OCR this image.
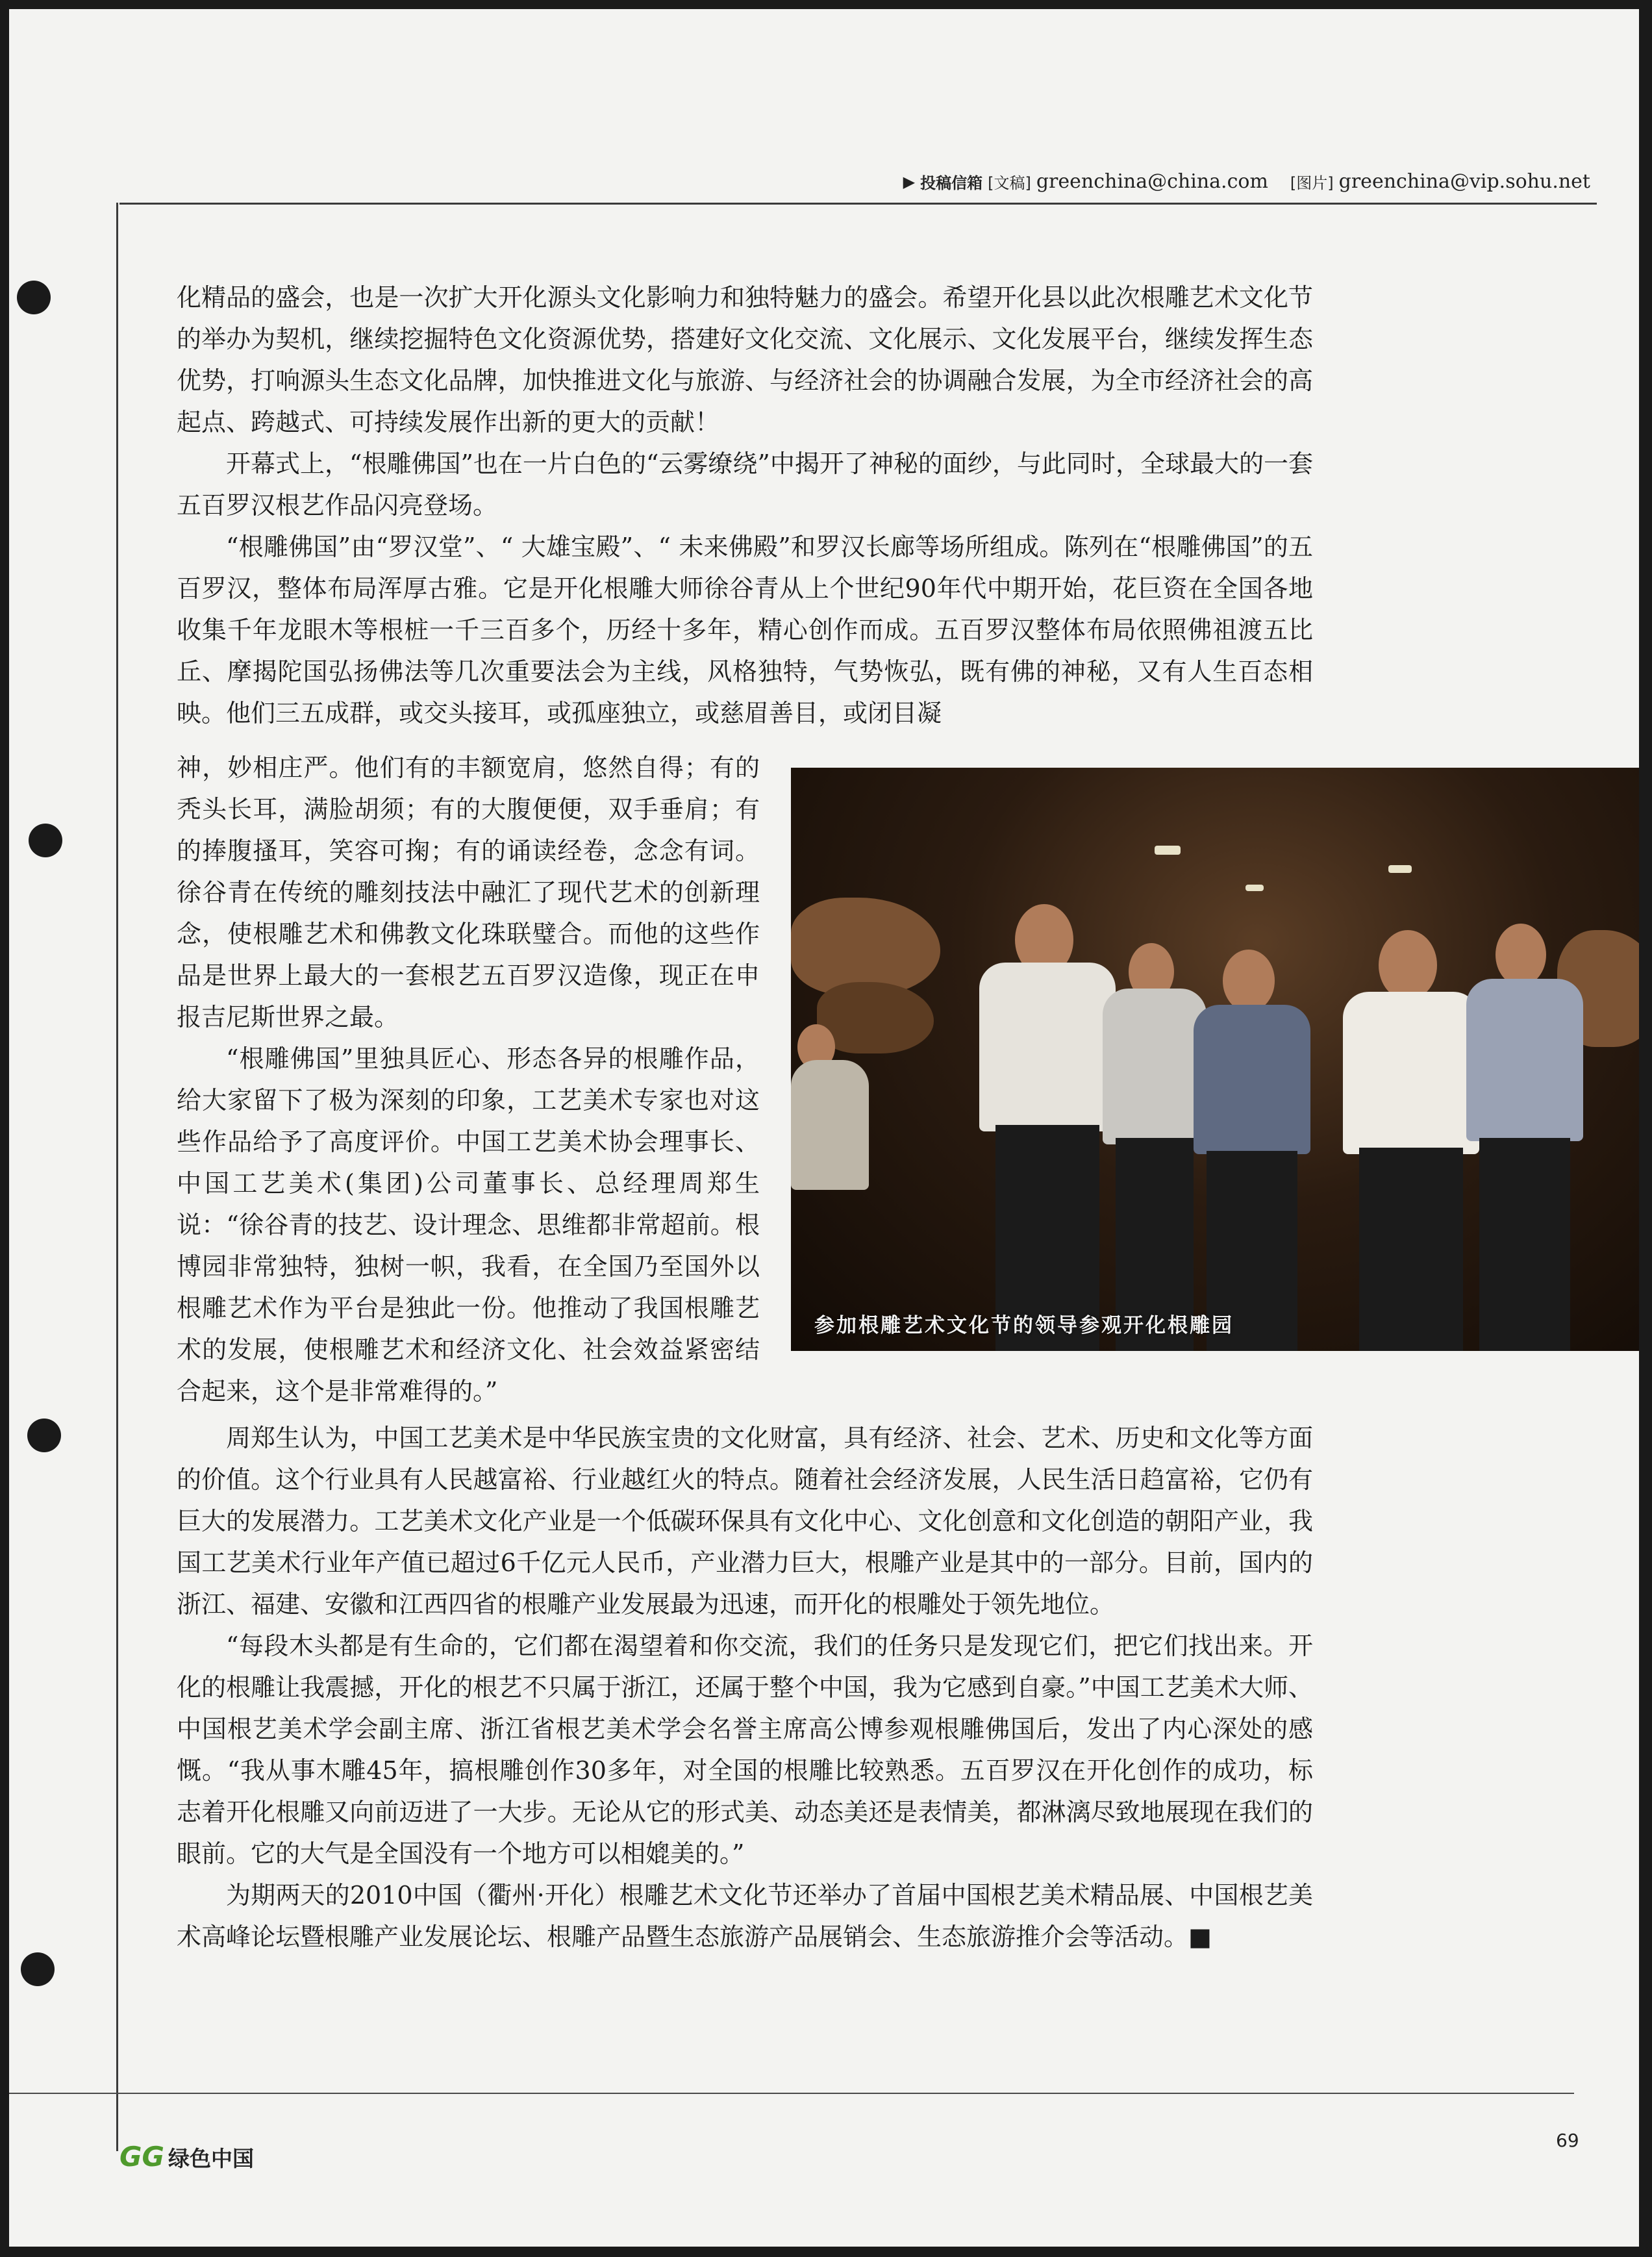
▶ 投稿信箱 [文稿] greenchina@china.com [图片] greenchina@vip.sohu.net

化精品的盛会，也是一次扩大开化源头文化影响力和独特魅力的盛会。希望开化县以此次根雕艺术文化节的举办为契机，继续挖掘特色文化资源优势，搭建好文化交流、文化展示、文化发展平台，继续发挥生态优势，打响源头生态文化品牌，加快推进文化与旅游、与经济社会的协调融合发展，为全市经济社会的高起点、跨越式、可持续发展作出新的更大的贡献！

开幕式上，“根雕佛国”也在一片白色的“云雾缭绕”中揭开了神秘的面纱，与此同时，全球最大的一套五百罗汉根艺作品闪亮登场。

“根雕佛国”由“罗汉堂”、“ 大雄宝殿”、“ 未来佛殿”和罗汉长廊等场所组成。陈列在“根雕佛国”的五百罗汉，整体布局浑厚古雅。它是开化根雕大师徐谷青从上个世纪90年代中期开始，花巨资在全国各地收集千年龙眼木等根桩一千三百多个，历经十多年，精心创作而成。五百罗汉整体布局依照佛祖渡五比丘、摩揭陀国弘扬佛法等几次重要法会为主线，风格独特，气势恢弘，既有佛的神秘，又有人生百态相映。他们三五成群，或交头接耳，或孤座独立，或慈眉善目，或闭目凝

神，妙相庄严。他们有的丰额宽肩，悠然自得；有的秃头长耳，满脸胡须；有的大腹便便，双手垂肩；有的捧腹搔耳，笑容可掬；有的诵读经卷，念念有词。徐谷青在传统的雕刻技法中融汇了现代艺术的创新理念，使根雕艺术和佛教文化珠联璧合。而他的这些作品是世界上最大的一套根艺五百罗汉造像，现正在申报吉尼斯世界之最。

“根雕佛国”里独具匠心、形态各异的根雕作品，给大家留下了极为深刻的印象，工艺美术专家也对这些作品给予了高度评价。中国工艺美术协会理事长、中国工艺美术(集团)公司董事长、总经理周郑生说：“徐谷青的技艺、设计理念、思维都非常超前。根博园非常独特，独树一帜，我看，在全国乃至国外以根雕艺术作为平台是独此一份。他推动了我国根雕艺术的发展，使根雕艺术和经济文化、社会效益紧密结合起来，这个是非常难得的。”

参加根雕艺术文化节的领导参观开化根雕园

周郑生认为，中国工艺美术是中华民族宝贵的文化财富，具有经济、社会、艺术、历史和文化等方面的价值。这个行业具有人民越富裕、行业越红火的特点。随着社会经济发展，人民生活日趋富裕，它仍有巨大的发展潜力。工艺美术文化产业是一个低碳环保具有文化中心、文化创意和文化创造的朝阳产业，我国工艺美术行业年产值已超过6千亿元人民币，产业潜力巨大，根雕产业是其中的一部分。目前，国内的浙江、福建、安徽和江西四省的根雕产业发展最为迅速，而开化的根雕处于领先地位。

“每段木头都是有生命的，它们都在渴望着和你交流，我们的任务只是发现它们，把它们找出来。开化的根雕让我震撼，开化的根艺不只属于浙江，还属于整个中国，我为它感到自豪。”中国工艺美术大师、中国根艺美术学会副主席、浙江省根艺美术学会名誉主席高公博参观根雕佛国后，发出了内心深处的感慨。“我从事木雕45年，搞根雕创作30多年，对全国的根雕比较熟悉。五百罗汉在开化创作的成功，标志着开化根雕又向前迈进了一大步。无论从它的形式美、动态美还是表情美，都淋漓尽致地展现在我们的眼前。它的大气是全国没有一个地方可以相媲美的。”

为期两天的2010中国（衢州·开化）根雕艺术文化节还举办了首届中国根艺美术精品展、中国根艺美术高峰论坛暨根雕产业发展论坛、根雕产品暨生态旅游产品展销会、生态旅游推介会等活动。■

GG 绿色中国
69
